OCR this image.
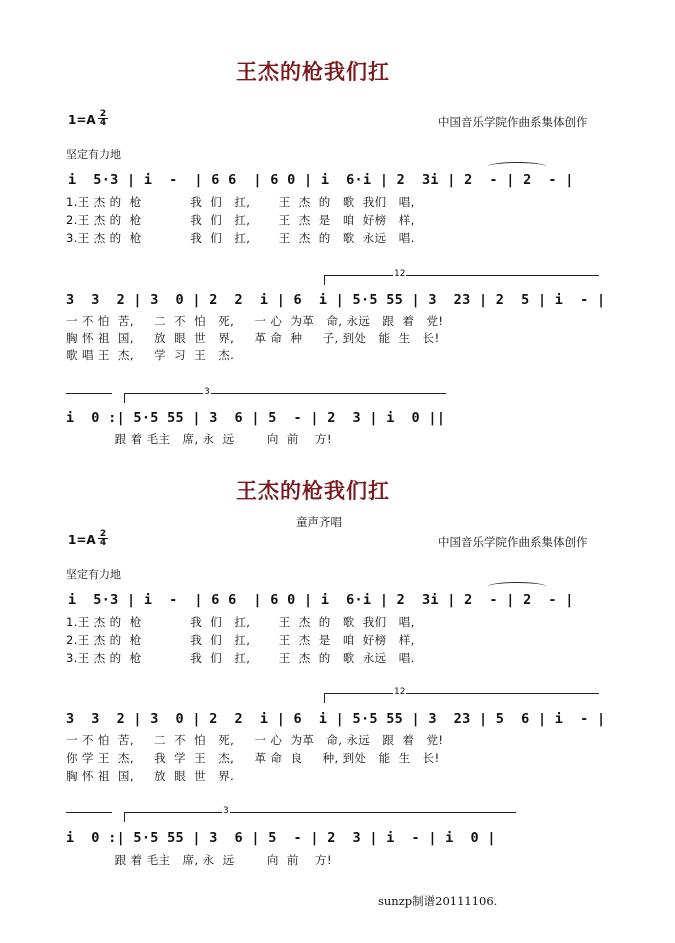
王杰的枪我们扛
$1=A \frac{2}{4}$	中国音乐学院作曲系集体创作
坚定有力地
i  5·3 | i  -  | 6 6  | 6 0 | i  6·i | 2  3i | 2  - | 2  - |
1.王 杰 的  枪            我  们   扛,       王  杰  的   歌  我们   唱,
2.王 杰 的  枪            我  们   扛,       王  杰  是   咱  好榜   样,
3.王 杰 的  枪            我  们   扛,       王  杰  的   歌  永远   唱.
12
3  3  2 | 3  0 | 2  2  i | 6  i | 5·5 55 | 3  23 | 2  5 | i  - |
一 不 怕  苦,     二  不  怕   死,     一 心  为革   命, 永远   跟  着   党!
胸 怀 祖  国,     放  眼  世   界,     革 命  种     子, 到处   能  生   长!
歌 唱 王  杰,     学  习  王   杰.
3
i  0 :| 5·5 55 | 3  6 | 5  - | 2  3 | i  0 ||
跟 着 毛主   席, 永  远        向  前    方!
王杰的枪我们扛
童声齐唱
$1=A \frac{2}{4}$	中国音乐学院作曲系集体创作
坚定有力地
i  5·3 | i  -  | 6 6  | 6 0 | i  6·i | 2  3i | 2  - | 2  - |
1.王 杰 的  枪            我  们   扛,       王  杰  的   歌  我们   唱,
2.王 杰 的  枪            我  们   扛,       王  杰  是   咱  好榜   样,
3.王 杰 的  枪            我  们   扛,       王  杰  的   歌  永远   唱.
12
3  3  2 | 3  0 | 2  2  i | 6  i | 5·5 55 | 3  23 | 5  6 | i  - |
一 不 怕  苦,     二  不  怕   死,     一 心  为革   命, 永远   跟  着   党!
你 学 王  杰,     我  学  王   杰,     革 命  良     种, 到处   能  生   长!
胸 怀 祖  国,     放  眼  世   界.
3
i  0 :| 5·5 55 | 3  6 | 5  - | 2  3 | i  - | i  0 |
跟 着 毛主   席, 永  远        向  前    方!
sunzp制谱20111106.
